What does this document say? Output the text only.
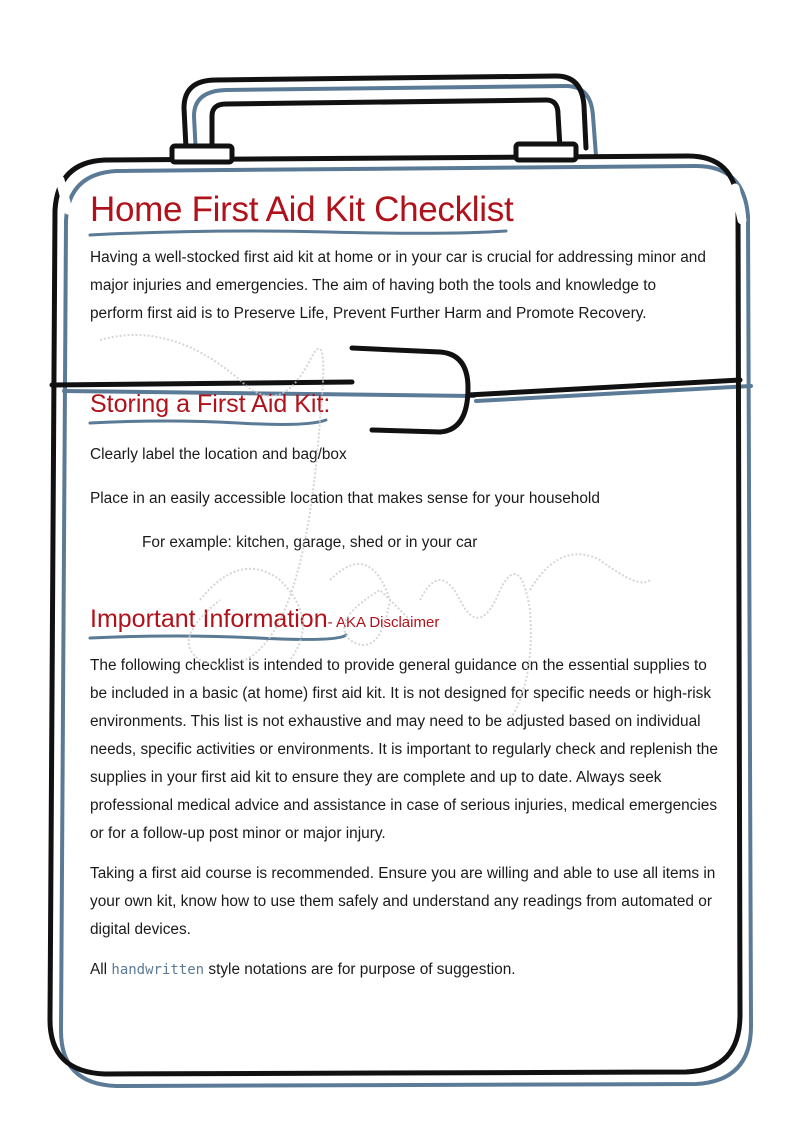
Home First Aid Kit Checklist

Having a well-stocked first aid kit at home or in your car is crucial for addressing minor and major injuries and emergencies. The aim of having both the tools and knowledge to perform first aid is to Preserve Life, Prevent Further Harm and Promote Recovery.

Storing a First Aid Kit:

Clearly label the location and bag/box

Place in an easily accessible location that makes sense for your household

For example: kitchen, garage, shed or in your car

Important Information- AKA Disclaimer

The following checklist is intended to provide general guidance on the essential supplies to be included in a basic (at home) first aid kit. It is not designed for specific needs or high-risk environments. This list is not exhaustive and may need to be adjusted based on individual needs, specific activities or environments. It is important to regularly check and replenish the supplies in your first aid kit to ensure they are complete and up to date. Always seek professional medical advice and assistance in case of serious injuries, medical emergencies or for a follow-up post minor or major injury.

Taking a first aid course is recommended. Ensure you are willing and able to use all items in your own kit, know how to use them safely and understand any readings from automated or digital devices.

All handwritten style notations are for purpose of suggestion.
